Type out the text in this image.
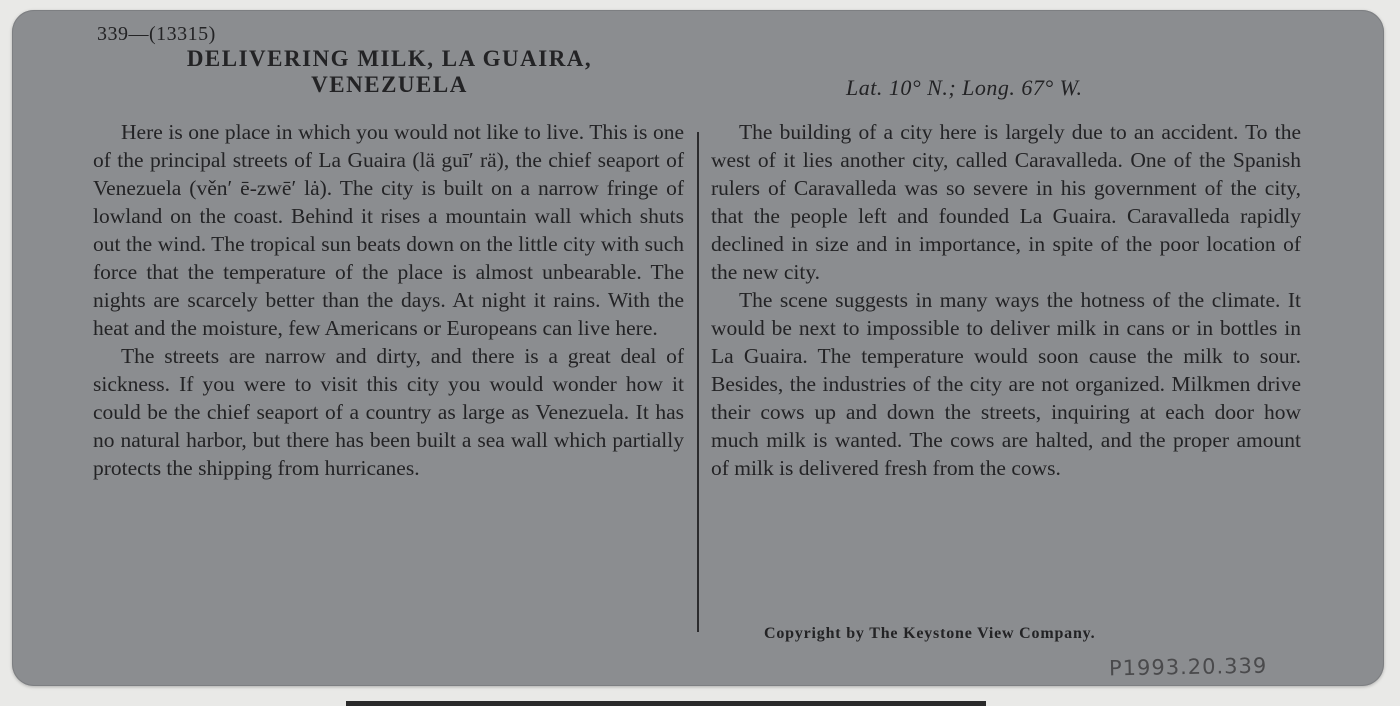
339—(13315)
DELIVERING MILK, LA GUAIRA, VENEZUELA	Lat. 10° N.; Long. 67° W.

Here is one place in which you would not like to live. This is one of the principal streets of La Guaira (lä guī′ rä), the chief seaport of Venezuela (věn′ ē-zwē′ lȧ). The city is built on a narrow fringe of lowland on the coast. Behind it rises a mountain wall which shuts out the wind. The tropical sun beats down on the little city with such force that the temperature of the place is almost unbearable. The nights are scarcely better than the days. At night it rains. With the heat and the moisture, few Americans or Europeans can live here.

The streets are narrow and dirty, and there is a great deal of sickness. If you were to visit this city you would wonder how it could be the chief seaport of a country as large as Venezuela. It has no natural harbor, but there has been built a sea wall which partially protects the shipping from hurricanes.

The building of a city here is largely due to an accident. To the west of it lies another city, called Caravalleda. One of the Spanish rulers of Caravalleda was so severe in his government of the city, that the people left and founded La Guaira. Caravalleda rapidly declined in size and in importance, in spite of the poor location of the new city.

The scene suggests in many ways the hotness of the climate. It would be next to impossible to deliver milk in cans or in bottles in La Guaira. The temperature would soon cause the milk to sour. Besides, the industries of the city are not organized. Milkmen drive their cows up and down the streets, inquiring at each door how much milk is wanted. The cows are halted, and the proper amount of milk is delivered fresh from the cows.

Copyright by The Keystone View Company.
P1993.20.339
